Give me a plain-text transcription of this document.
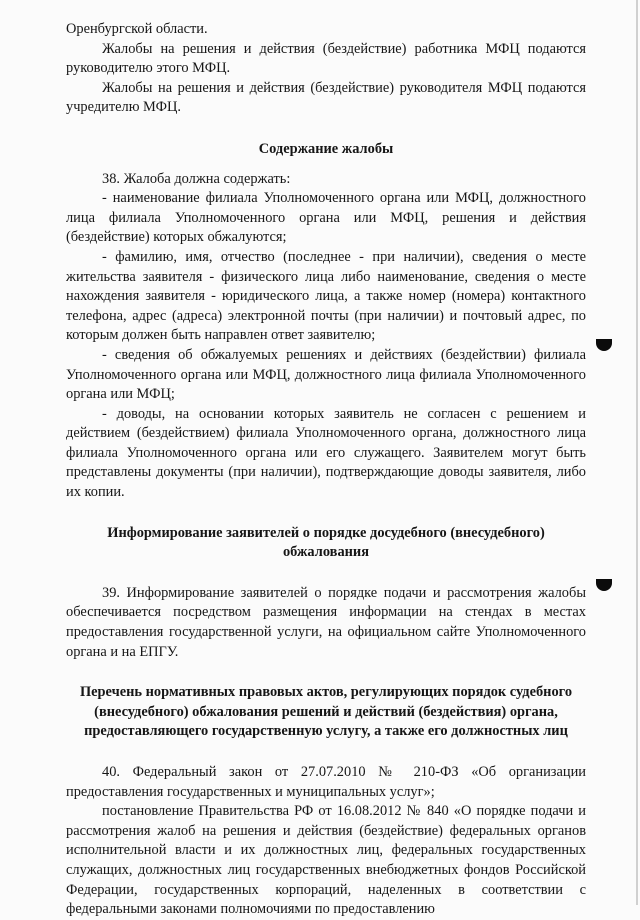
Оренбургской области.

Жалобы на решения и действия (бездействие) работника МФЦ подаются руководителю этого МФЦ.

Жалобы на решения и действия (бездействие) руководителя МФЦ подаются учредителю МФЦ.

Содержание жалобы

38. Жалоба должна содержать:

- наименование филиала Уполномоченного органа или МФЦ, должностного лица филиала Уполномоченного органа или МФЦ, решения и действия (бездействие) которых обжалуются;

- фамилию, имя, отчество (последнее - при наличии), сведения о месте жительства заявителя - физического лица либо наименование, сведения о месте нахождения заявителя - юридического лица, а также номер (номера) контактного телефона, адрес (адреса) электронной почты (при наличии) и почтовый адрес, по которым должен быть направлен ответ заявителю;

- сведения об обжалуемых решениях и действиях (бездействии) филиала Уполномоченного органа или МФЦ, должностного лица филиала Уполномоченного органа или МФЦ;

- доводы, на основании которых заявитель не согласен с решением и действием (бездействием) филиала Уполномоченного органа, должностного лица филиала Уполномоченного органа или его служащего. Заявителем могут быть представлены документы (при наличии), подтверждающие доводы заявителя, либо их копии.

Информирование заявителей о порядке досудебного (внесудебного) обжалования

39. Информирование заявителей о порядке подачи и рассмотрения жалобы обеспечивается посредством размещения информации на стендах в местах предоставления государственной услуги, на официальном сайте Уполномоченного органа и на ЕПГУ.

Перечень нормативных правовых актов, регулирующих порядок судебного (внесудебного) обжалования решений и действий (бездействия) органа, предоставляющего государственную услугу, а также его должностных лиц

40. Федеральный закон от 27.07.2010 № 210-ФЗ «Об организации предоставления государственных и муниципальных услуг»;

постановление Правительства РФ от 16.08.2012 № 840 «О порядке подачи и рассмотрения жалоб на решения и действия (бездействие) федеральных органов исполнительной власти и их должностных лиц, федеральных государственных служащих, должностных лиц государственных внебюджетных фондов Российской Федерации, государственных корпораций, наделенных в соответствии с федеральными законами полномочиями по предоставлению
